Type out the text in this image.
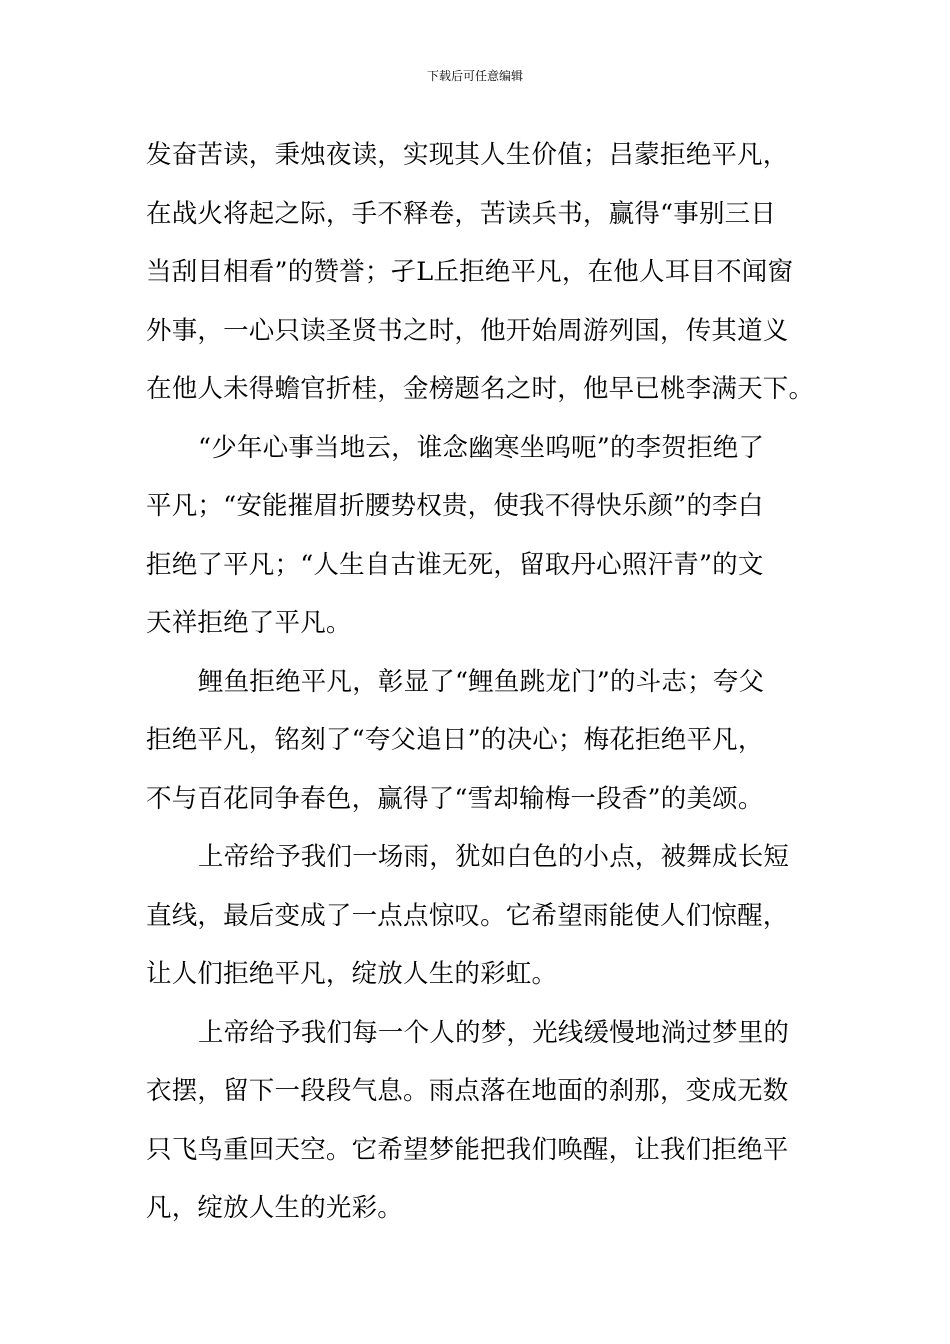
下载后可任意编辑

发奋苦读，秉烛夜读，实现其人生价值；吕蒙拒绝平凡，
在战火将起之际，手不释卷，苦读兵书，赢得“事别三日
当刮目相看”的赞誉；孑L丘拒绝平凡，在他人耳目不闻窗
外事，一心只读圣贤书之时，他开始周游列国，传其道义
在他人未得蟾官折桂，金榜题名之时，他早已桃李满天下。

“少年心事当地云，谁念幽寒坐呜呃”的李贺拒绝了
平凡；“安能摧眉折腰势权贵，使我不得快乐颜”的李白
拒绝了平凡；“人生自古谁无死，留取丹心照汗青”的文
天祥拒绝了平凡。

鲤鱼拒绝平凡，彰显了“鲤鱼跳龙门”的斗志；夸父
拒绝平凡，铭刻了“夸父追日”的决心；梅花拒绝平凡，
不与百花同争春色，赢得了“雪却输梅一段香”的美颂。

上帝给予我们一场雨，犹如白色的小点，被舞成长短
直线，最后变成了一点点惊叹。它希望雨能使人们惊醒，
让人们拒绝平凡，绽放人生的彩虹。

上帝给予我们每一个人的梦，光线缓慢地淌过梦里的
衣摆，留下一段段气息。雨点落在地面的刹那，变成无数
只飞鸟重回天空。它希望梦能把我们唤醒，让我们拒绝平
凡，绽放人生的光彩。
